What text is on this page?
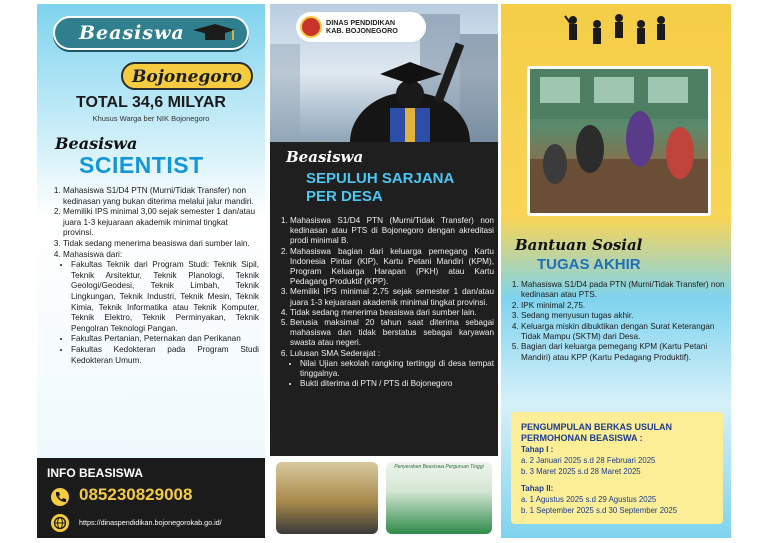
Beasiswa
Bojonegoro
TOTAL 34,6 MILYAR
Khusus Warga ber NIK Bojonegoro
Beasiswa
SCIENTIST
1. Mahasiswa S1/D4 PTN (Murni/Tidak Transfer) non kedinasan yang bukan diterima melalui jalur mandiri.
2. Memiliki IPS minimal 3,00 sejak semester 1 dan/atau juara 1-3 kejuaraan akademik minimal tingkat provinsi.
3. Tidak sedang menerima beasiswa dari sumber lain.
4. Mahasiswa dari:
• Fakultas Teknik dari Program Studi: Teknik Sipil, Teknik Arsitektur, Teknik Planologi, Teknik Geologi/Geodesi, Teknik Limbah, Teknik Lingkungan, Teknik Industri, Teknik Mesin, Teknik Kimia, Teknik Informatika atau Teknik Komputer, Teknik Elektro, Teknik Perminyakan, Teknik Pengolran Teknologi Pangan.
• Fakultas Pertanian, Peternakan dan Perikanan
• Fakultas Kedokteran pada Program Studi Kedokteran Umum.
INFO BEASISWA
085230829008
https://dinaspendidikan.bojonegorokab.go.id/
DINAS PENDIDIKAN
KAB. BOJONEGORO
Beasiswa
SEPULUH SARJANA
PER DESA
1. Mahasiswa S1/D4 PTN (Murni/Tidak Transfer) non kedinasan atau PTS di Bojonegoro dengan akreditasi prodi minimal B.
2. Mahasiswa bagian dari keluarga pemegang Kartu Indonesia Pintar (KIP), Kartu Petani Mandiri (KPM), Program Keluarga Harapan (PKH) atau Kartu Pedagang Produktif (KPP).
3. Memiliki IPS minimal 2,75 sejak semester 1 dan/atau juara 1-3 kejuaraan akademik minimal tingkat provinsi.
4. Tidak sedang menerima beasiswa dari sumber lain.
5. Berusia maksimal 20 tahun saat diterima sebagai mahasiswa dan tidak berstatus sebagai karyawan swasta atau negeri.
6. Lulusan SMA Sederajat :
• Nilai Ujian sekolah rangking tertinggi di desa tempat tinggalnya.
• Bukti diterima di PTN / PTS di Bojonegoro
Penyerahan Beasiswa Perguruan Tinggi
Bantuan Sosial
TUGAS AKHIR
1. Mahasiswa S1/D4 pada PTN (Murni/Tidak Transfer) non kedinasan atau PTS.
2. IPK minimal 2,75.
3. Sedang menyusun tugas akhir.
4. Keluarga miskin dibuktikan dengan Surat Keterangan Tidak Mampu (SKTM) dari Desa.
5. Bagian dari keluarga pemegang KPM (Kartu Petani Mandiri) atau KPP (Kartu Pedagang Produktif).
PENGUMPULAN BERKAS USULAN
PERMOHONAN BEASISWA :
Tahap I :
a. 2 Januari 2025 s.d 28 Februari 2025
b. 3 Maret 2025 s.d 28 Maret 2025
Tahap II:
a. 1 Agustus 2025 s.d 29 Agustus 2025
b. 1 September 2025 s.d 30 September 2025
